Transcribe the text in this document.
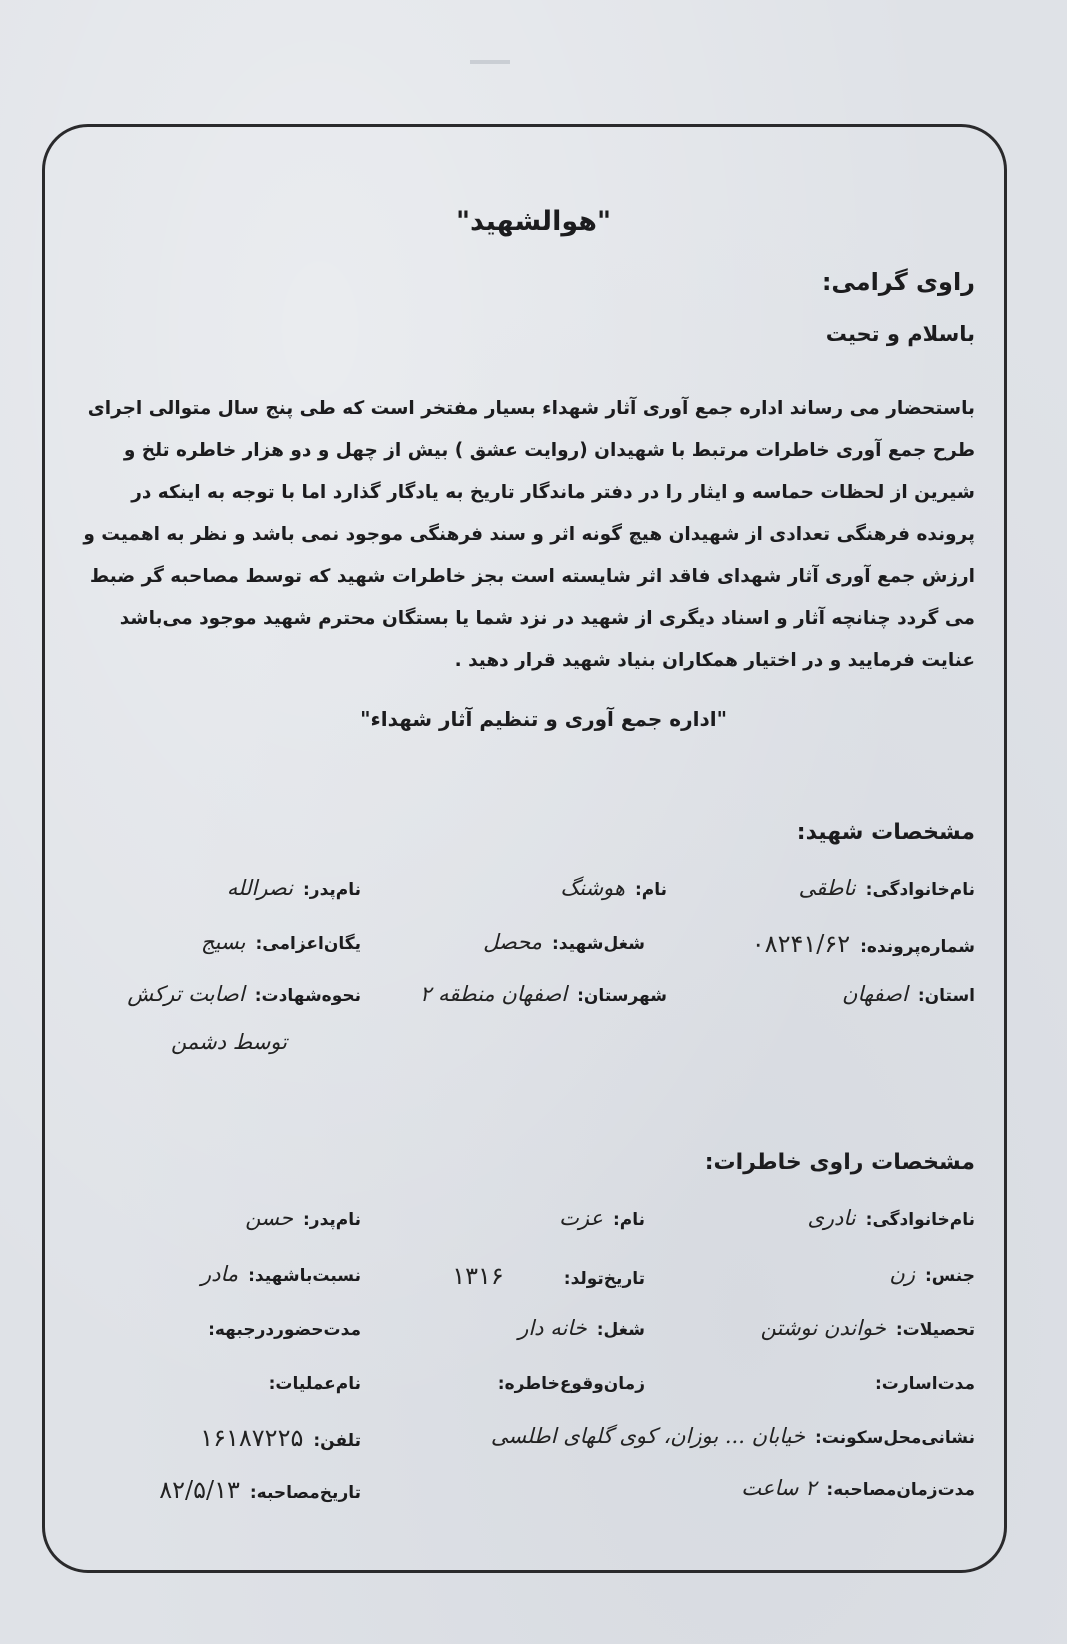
"هوالشهید"
راوی گرامی:
باسلام و تحیت

باستحضار می رساند اداره جمع آوری آثار شهداء بسیار مفتخر است که طی پنج سال متوالی اجرای

طرح جمع آوری خاطرات مرتبط با شهیدان (روایت عشق ) بیش از چهل و دو هزار خاطره تلخ و

شیرین از لحظات حماسه و ایثار را در دفتر ماندگار تاریخ به یادگار گذارد اما با توجه به اینکه در

پرونده فرهنگی تعدادی از شهیدان هیچ گونه اثر و سند فرهنگی موجود نمی باشد و نظر به اهمیت و

ارزش جمع آوری آثار شهدای فاقد اثر شایسته است بجز خاطرات شهید که توسط مصاحبه گر ضبط

می گردد چنانچه آثار و اسناد دیگری از شهید در نزد شما یا بستگان محترم شهید موجود می‌باشد

عنایت فرمایید و در اختیار همکاران بنیاد شهید قرار دهید .

"اداره جمع آوری و تنظیم آثار شهداء"
مشخصات شهید:
نام‌خانوادگی:ناطقی
نام:هوشنگ
نام‌پدر:نصرالله
شماره‌پرونده:۰۸۲۴۱/۶۲
شغل‌شهید:محصل
یگان‌اعزامی:بسیج
استان:اصفهان
شهرستان:اصفهان منطقه ۲
نحوه‌شهادت:اصابت ترکش
توسط دشمن
مشخصات راوی خاطرات:
نام‌خانوادگی:نادری
نام:عزت
نام‌پدر:حسن
جنس:زن
تاریخ‌تولد:۱۳۱۶
نسبت‌باشهید:مادر
تحصیلات:خواندن نوشتن
شغل:خانه دار
مدت‌حضوردرجبهه:
مدت‌اسارت:
زمان‌وقوع‌خاطره:
نام‌عملیات:
نشانی‌محل‌سکونت:خیابان ... بوزان، کوی گلهای اطلسی
تلفن:۱۶۱۸۷۲۲۵
مدت‌زمان‌مصاحبه:۲ ساعت
تاریخ‌مصاحبه:۸۲/۵/۱۳
